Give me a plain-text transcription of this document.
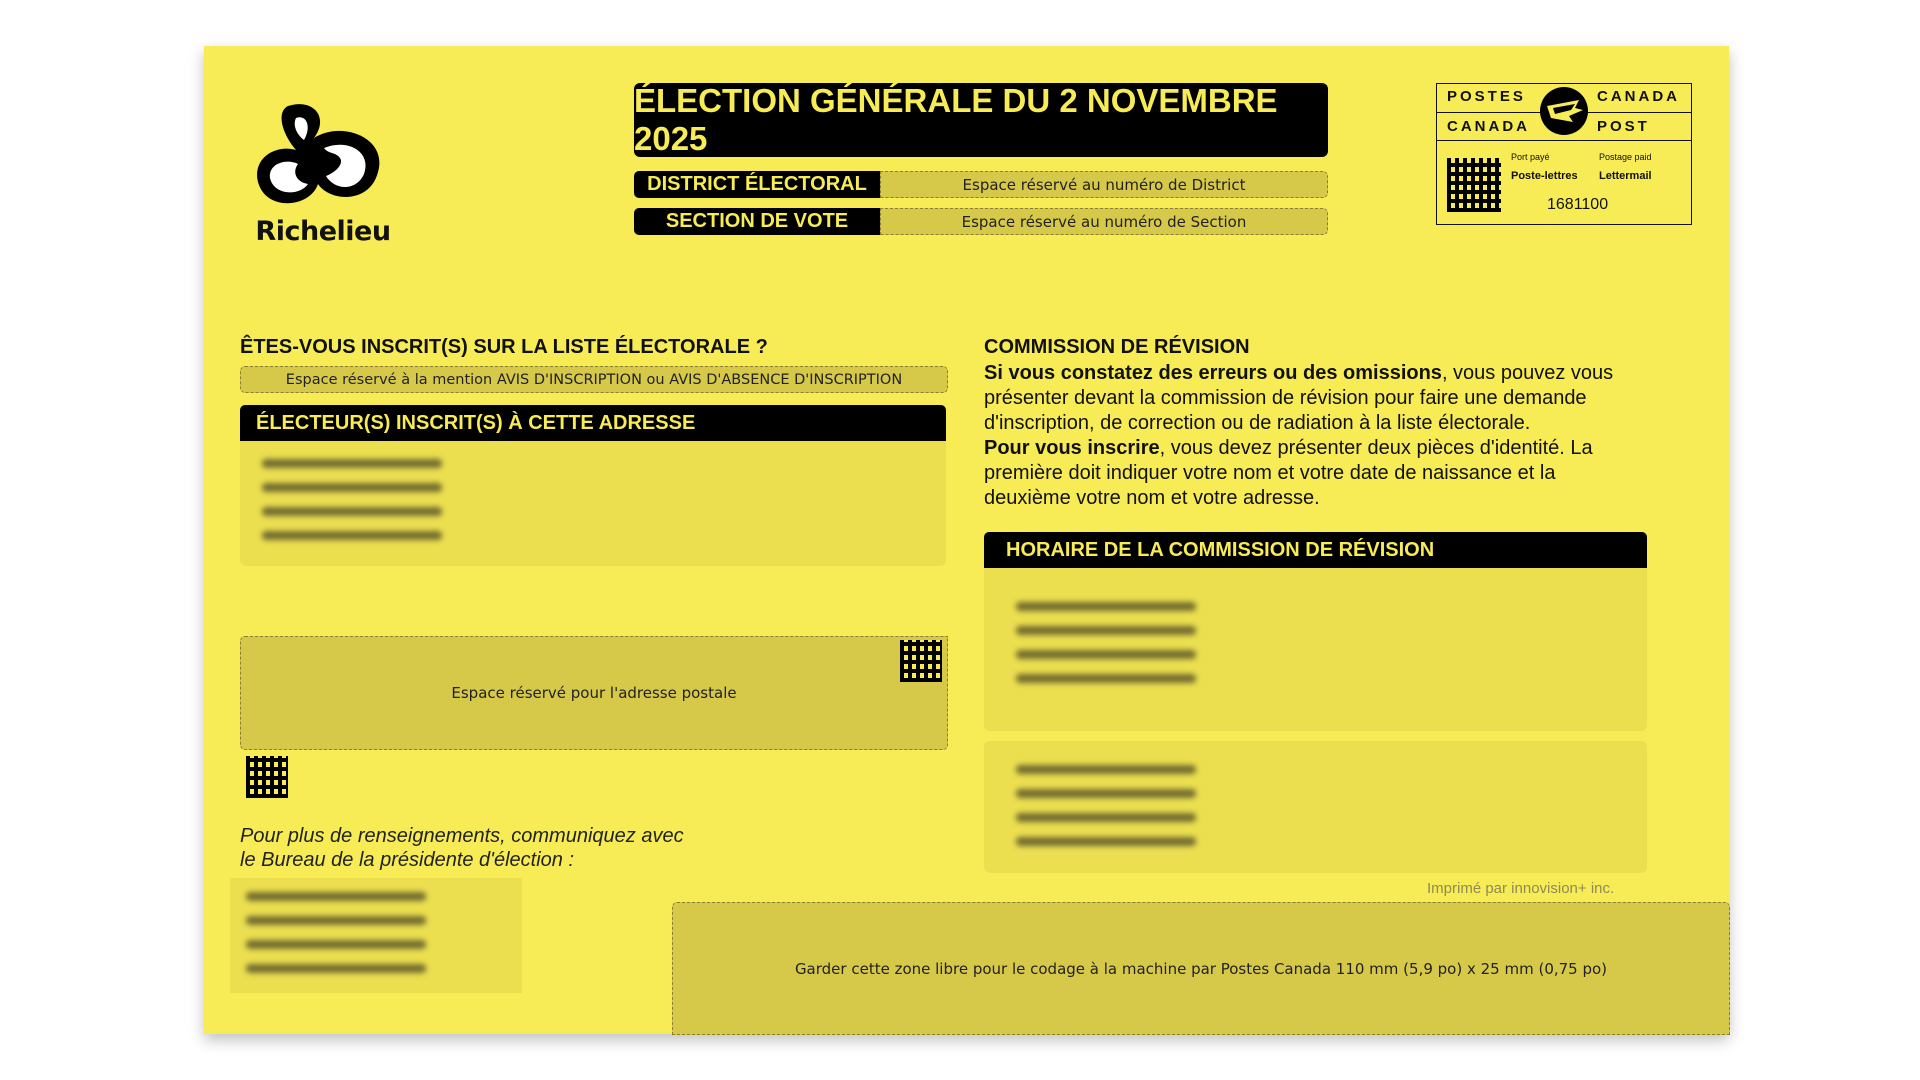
Richelieu
ÉLECTION GÉNÉRALE DU 2 NOVEMBRE 2025
DISTRICT ÉLECTORAL	Espace réservé au numéro de District
SECTION DE VOTE	Espace réservé au numéro de Section
POSTES	CANADA
CANADA	POST
Port payé	Postage paid
Poste-lettres Lettermail
1681100
ÊTES-VOUS INSCRIT(S) SUR LA LISTE ÉLECTORALE ?
Espace réservé à la mention AVIS D'INSCRIPTION ou AVIS D'ABSENCE D'INSCRIPTION
ÉLECTEUR(S) INSCRIT(S) À CETTE ADRESSE
Espace réservé pour l'adresse postale
Pour plus de renseignements, communiquez avec
le Bureau de la présidente d'élection :
COMMISSION DE RÉVISION
Si vous constatez des erreurs ou des omissions, vous pouvez vous présenter devant la commission de révision pour faire une demande d'inscription, de correction ou de radiation à la liste électorale.
Pour vous inscrire, vous devez présenter deux pièces d'identité. La première doit indiquer votre nom et votre date de naissance et la deuxième votre nom et votre adresse.
HORAIRE DE LA COMMISSION DE RÉVISION
Imprimé par innovision+ inc.
Garder cette zone libre pour le codage à la machine par Postes Canada 110 mm (5,9 po) x 25 mm (0,75 po)
